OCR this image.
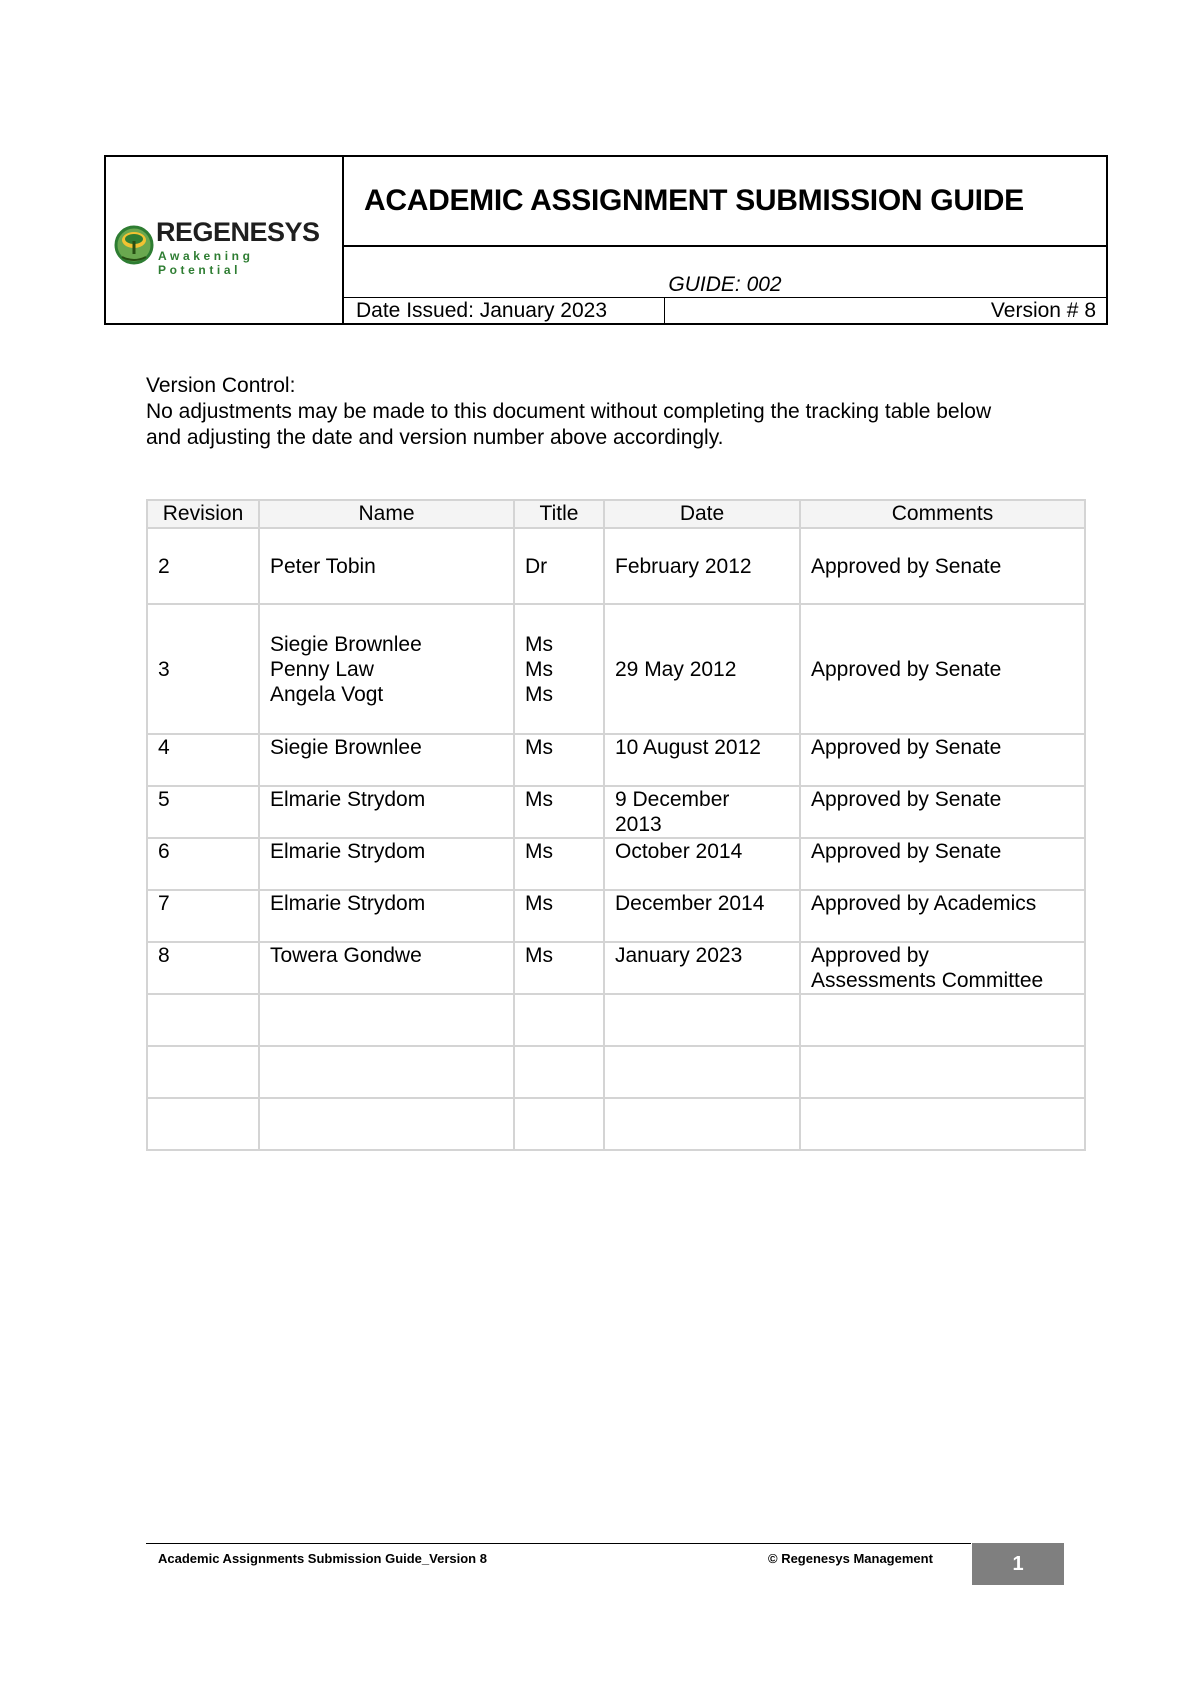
REGENESYS
Awakening Potential
ACADEMIC ASSIGNMENT SUBMISSION GUIDE
GUIDE: 002
Date Issued: January 2023	Version # 8
Version Control:
No adjustments may be made to this document without completing the tracking table below
and adjusting the date and version number above accordingly.
Revision	Name	Title	Date	Comments
2	Peter Tobin	Dr	February 2012	Approved by Senate
3	Siegie Brownlee
Penny Law
Angela Vogt	Ms
Ms
Ms	29 May 2012	Approved by Senate
4	Siegie Brownlee	Ms	10 August 2012	Approved by Senate
5	Elmarie Strydom	Ms	9 December
2013	Approved by Senate
6	Elmarie Strydom	Ms	October 2014	Approved by Senate
7	Elmarie Strydom	Ms	December 2014	Approved by Academics
8	Towera Gondwe	Ms	January 2023	Approved by
Assessments Committee

Academic Assignments Submission Guide_Version 8	© Regenesys Management	1
